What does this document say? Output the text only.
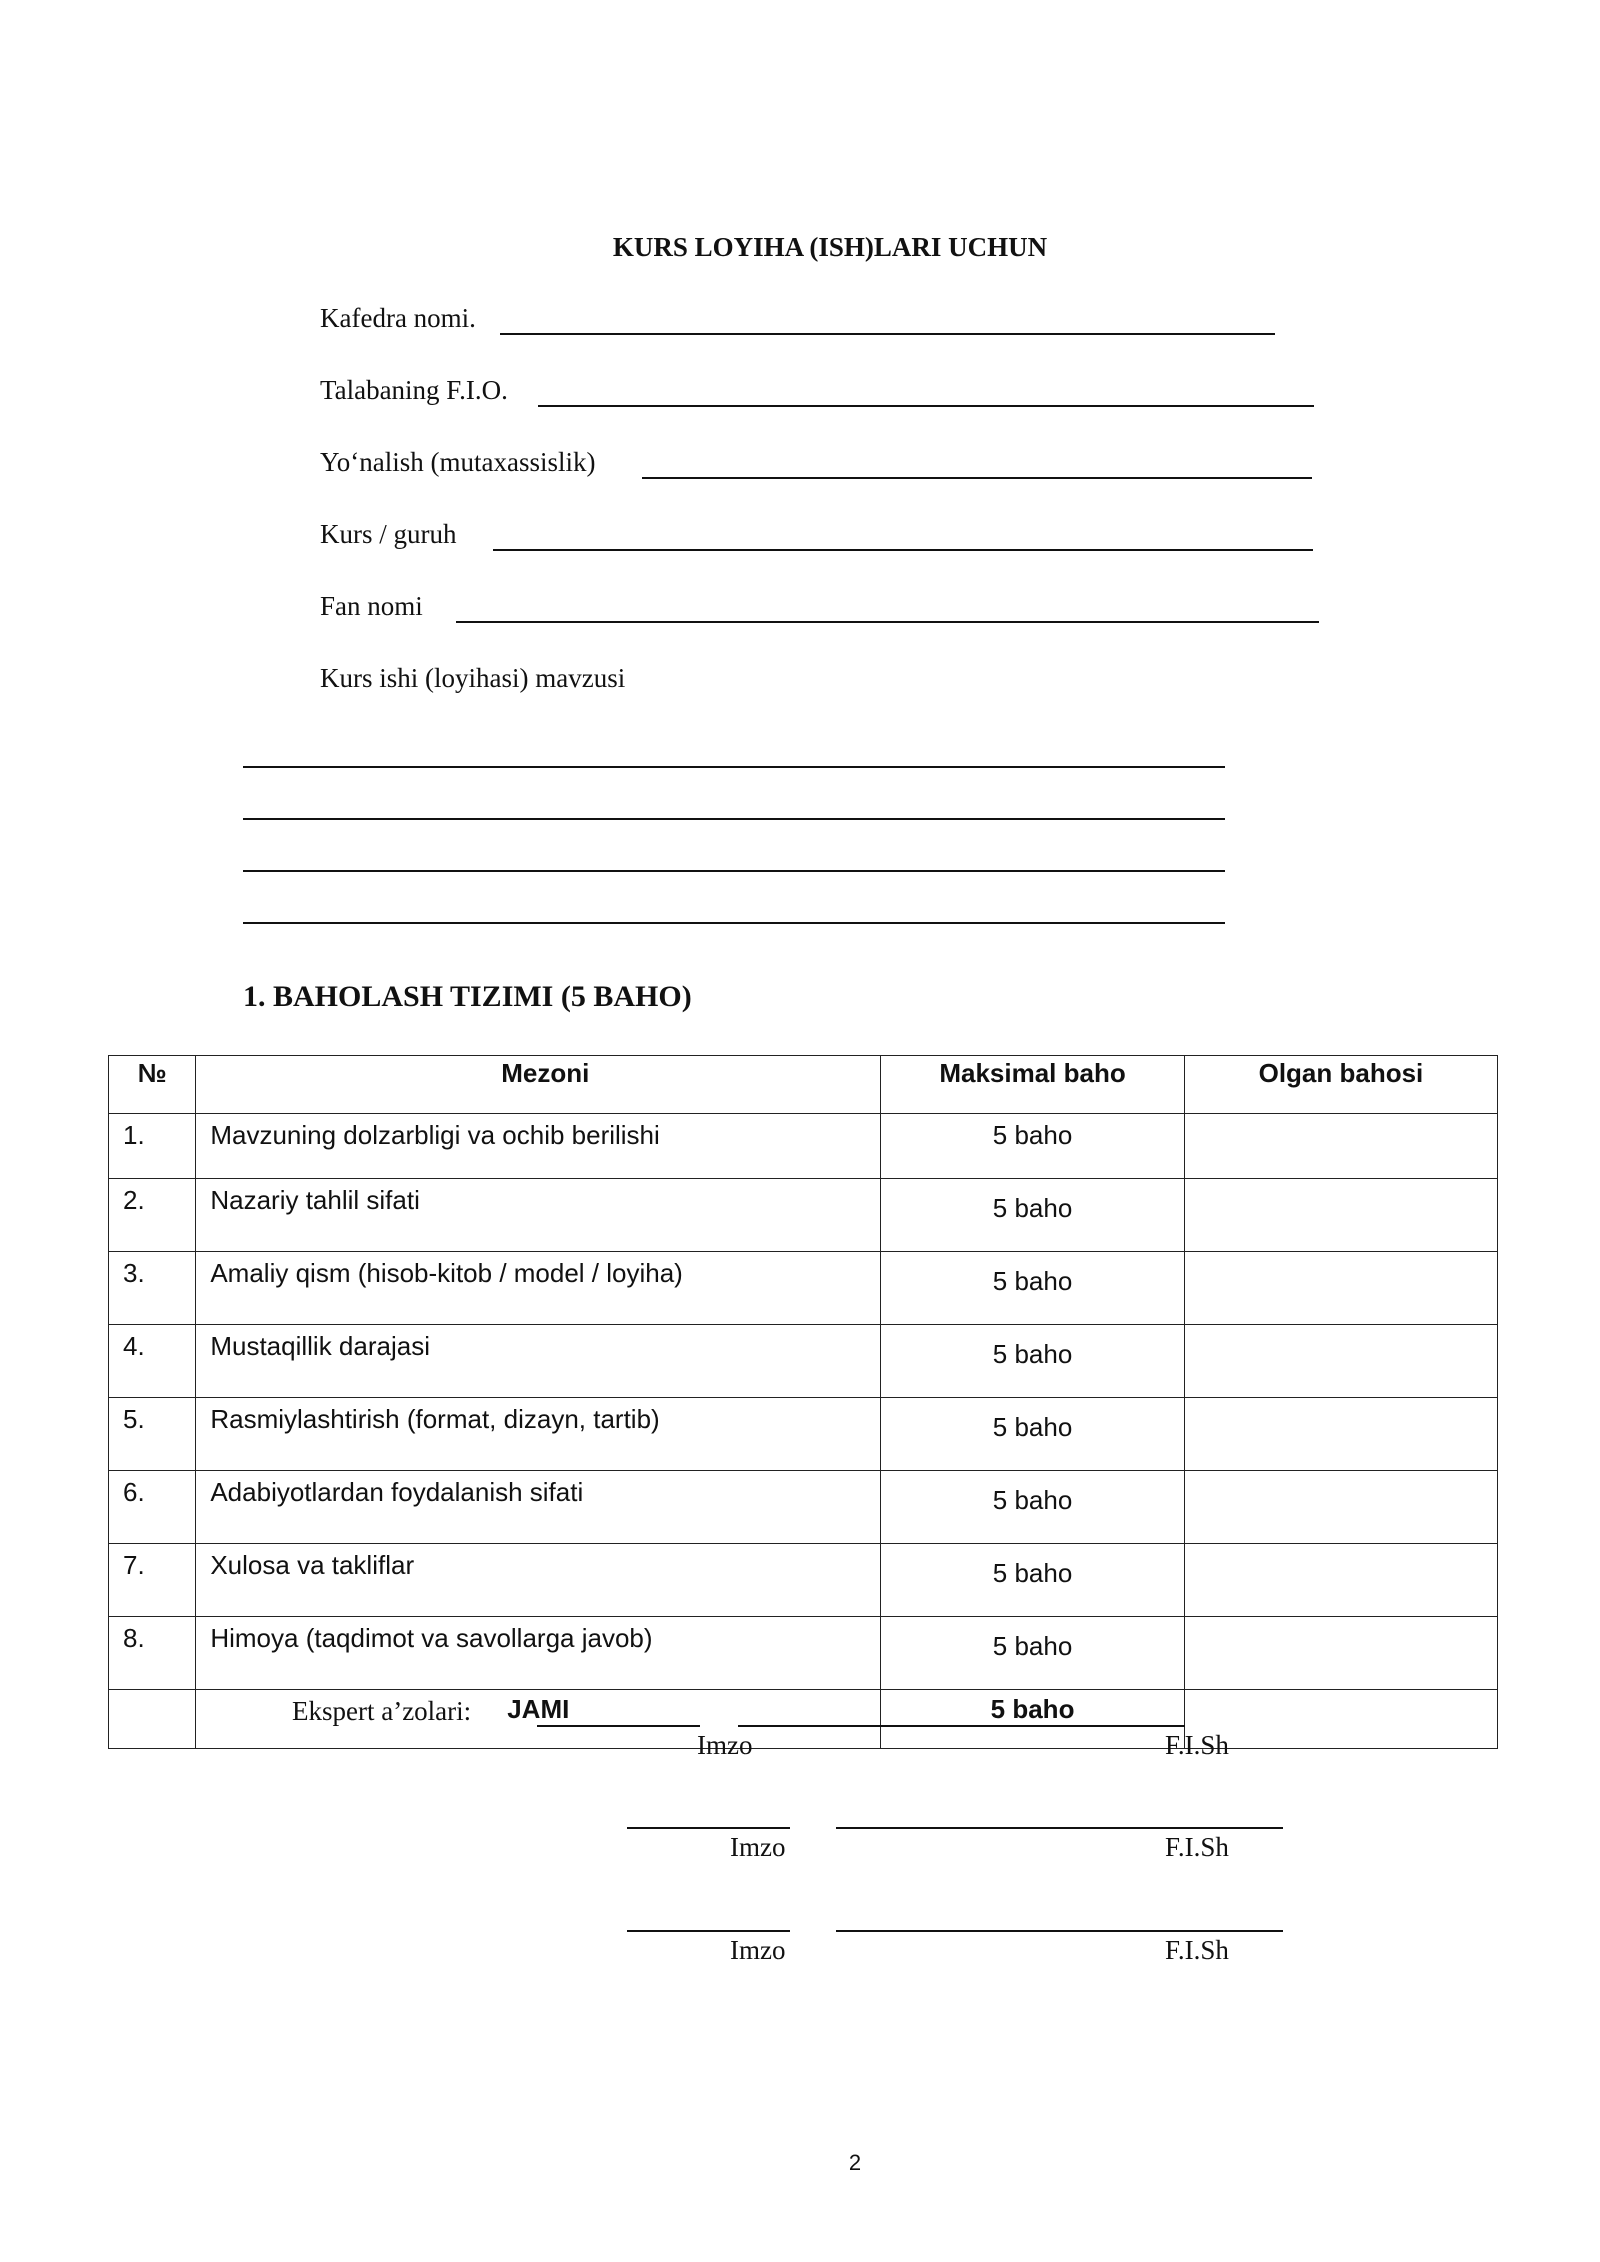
KURS LOYIHA (ISH)LARI UCHUN
Kafedra nomi.
Talabaning F.I.O.
Yo‘nalish (mutaxassislik)
Kurs / guruh
Fan nomi
Kurs ishi (loyihasi) mavzusi
1. BAHOLASH TIZIMI (5 BAHO)
№	Mezoni	Maksimal baho	Olgan bahosi
1.	Mavzuning dolzarbligi va ochib berilishi	5 baho	
2.	Nazariy tahlil sifati	5 baho	
3.	Amaliy qism (hisob-kitob / model / loyiha)	5 baho	
4.	Mustaqillik darajasi	5 baho	
5.	Rasmiylashtirish (format, dizayn, tartib)	5 baho	
6.	Adabiyotlardan foydalanish sifati	5 baho	
7.	Xulosa va takliflar	5 baho	
8.	Himoya (taqdimot va savollarga javob)	5 baho	
	JAMI	5 baho	
Ekspert a’zolari:
Imzo	F.I.Sh
Imzo	F.I.Sh
Imzo	F.I.Sh
2
